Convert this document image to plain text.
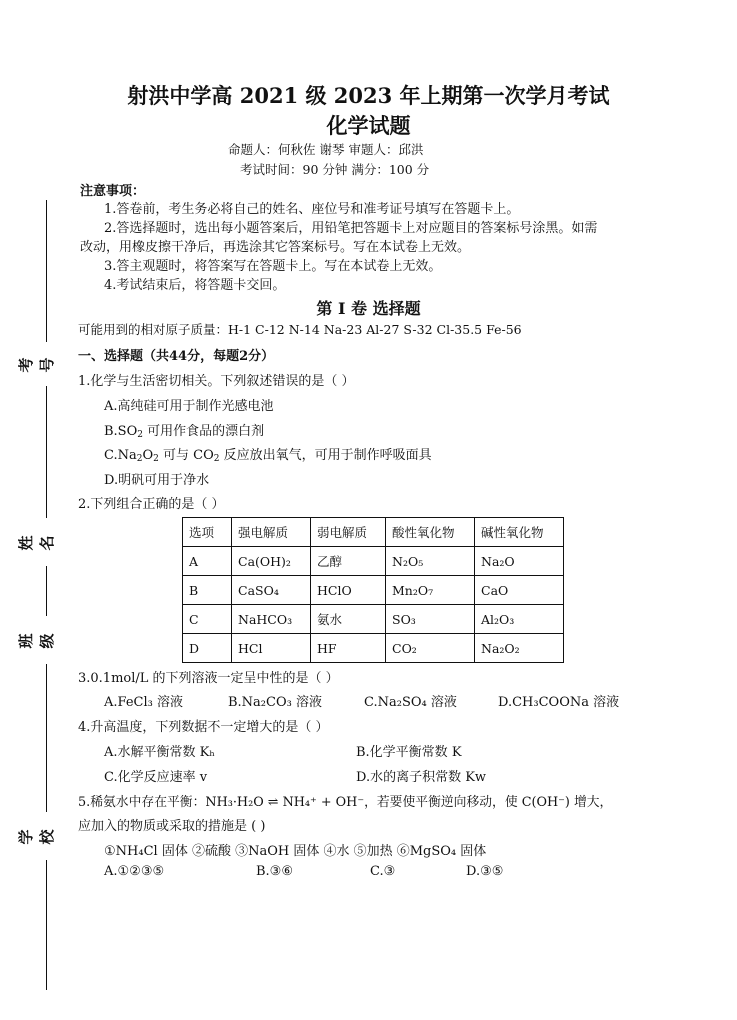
射洪中学高 2021 级 2023 年上期第一次学月考试
化学试题
命题人：何秋佐 谢琴 审题人：邱洪
考试时间：90 分钟 满分：100 分
注意事项：
1.答卷前，考生务必将自己的姓名、座位号和准考证号填写在答题卡上。
2.答选择题时，选出每小题答案后，用铅笔把答题卡上对应题目的答案标号涂黑。如需
改动，用橡皮擦干净后，再选涂其它答案标号。写在本试卷上无效。
3.答主观题时，将答案写在答题卡上。写在本试卷上无效。
4.考试结束后，将答题卡交回。
第 I 卷 选择题
可能用到的相对原子质量：H-1 C-12 N-14 Na-23 Al-27 S-32 Cl-35.5 Fe-56
一、选择题（共44分，每题2分）
考号
姓名
班级
学校
1.化学与生活密切相关。下列叙述错误的是（ ）
A.高纯硅可用于制作光感电池
$B.SO_2$ 可用作食品的漂白剂
$C.Na_2O_2$ 可与 $CO_2$ 反应放出氧气，可用于制作呼吸面具
D.明矾可用于净水
2.下列组合正确的是（ ）
选项	强电解质	弱电解质	酸性氧化物	碱性氧化物
A	Ca(OH)₂	乙醇	N₂O₅	Na₂O
B	CaSO₄	HClO	Mn₂O₇	CaO
C	NaHCO₃	氨水	SO₃	Al₂O₃
D	HCl	HF	CO₂	Na₂O₂
3.0.1mol/L 的下列溶液一定呈中性的是（ ）
A.FeCl₃ 溶液	B.Na₂CO₃ 溶液	C.Na₂SO₄ 溶液	D.CH₃COONa 溶液
4.升高温度，下列数据不一定增大的是（ ）
A.水解平衡常数 Kₕ	B.化学平衡常数 K
C.化学反应速率 v	D.水的离子积常数 Kw
5.稀氨水中存在平衡：NH₃·H₂O ⇌ NH₄⁺ + OH⁻，若要使平衡逆向移动，使 C(OH⁻) 增大，
应加入的物质或采取的措施是 ( )
①NH₄Cl 固体 ②硫酸 ③NaOH 固体 ④水 ⑤加热 ⑥MgSO₄ 固体
A.①②③⑤	B.③⑥	C.③	D.③⑤
